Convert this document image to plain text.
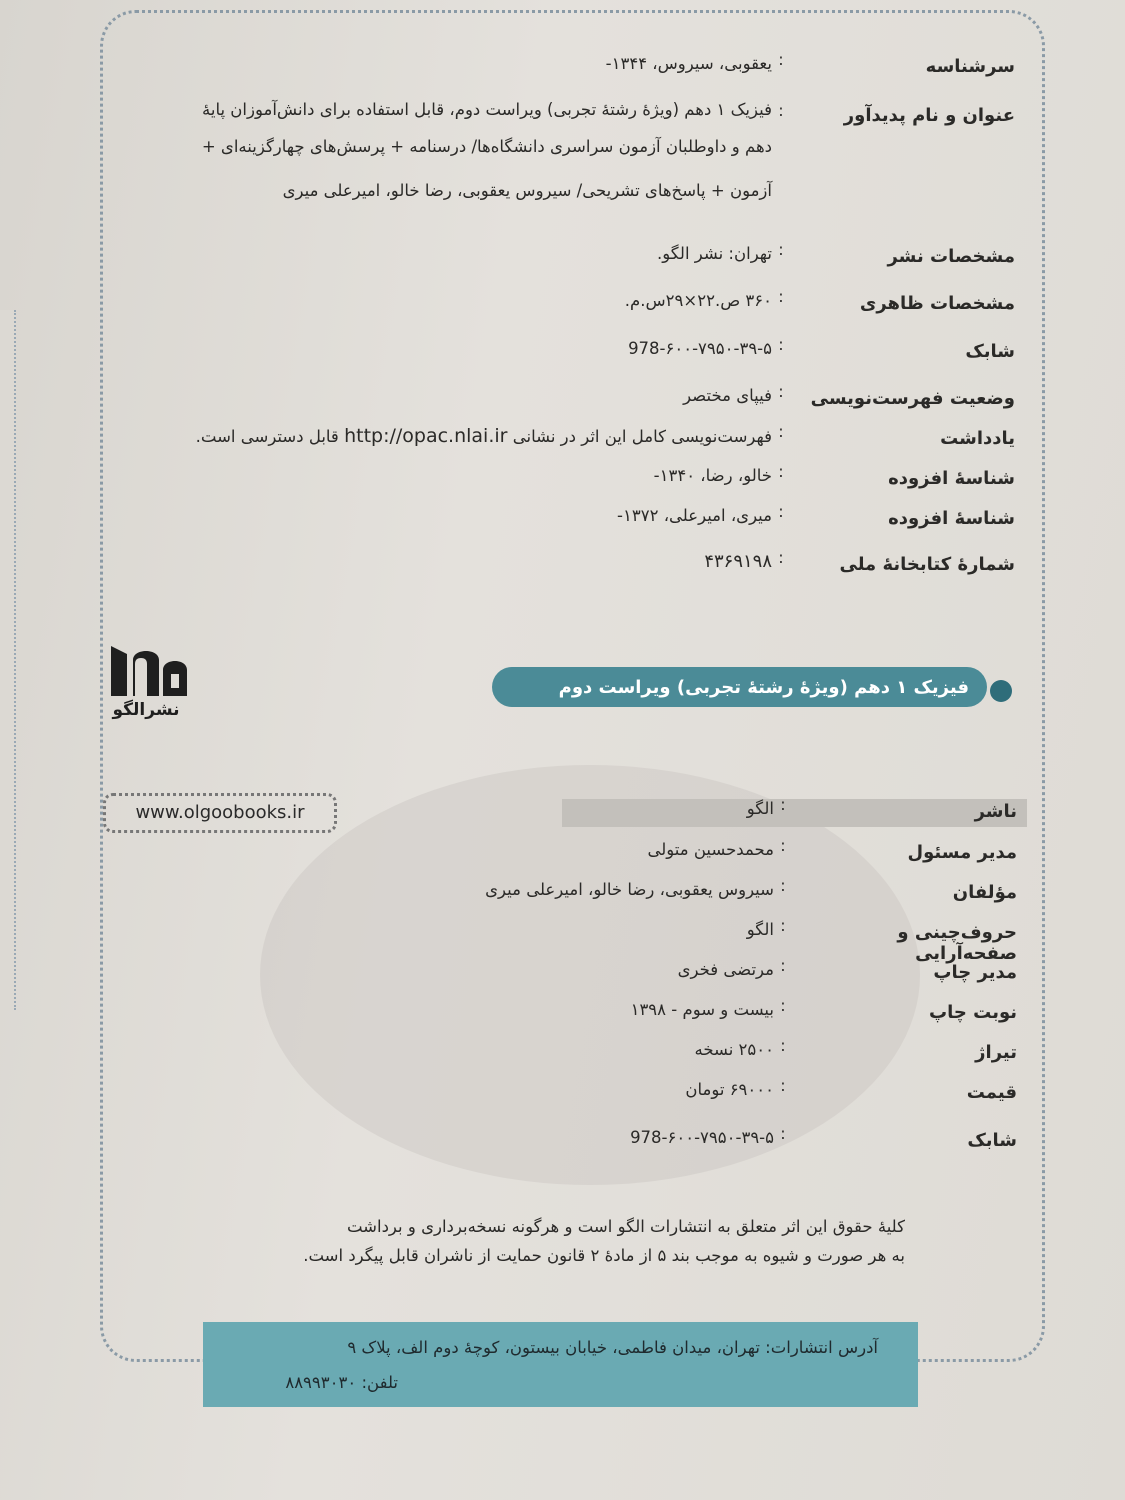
سرشناسه
:
یعقوبی، سیروس، ۱۳۴۴-
عنوان و نام پدیدآور
:
فیزیک ۱ دهم (ویژهٔ رشتهٔ تجربی) ویراست دوم، قابل استفاده برای دانش‌آموزان پایهٔ
دهم و داوطلبان آزمون سراسری دانشگاه‌ها/ درسنامه + پرسش‌های چهارگزینه‌ای +
آزمون + پاسخ‌های تشریحی/ سیروس یعقوبی، رضا خالو، امیرعلی میری
مشخصات نشر
:
تهران: نشر الگو.
مشخصات ظاهری
:
۳۶۰ ص.۲۲×۲۹س.م.
شابک
:
978-۶۰۰-۷۹۵۰-۳۹-۵
وضعیت فهرست‌نویسی
:
فیپای مختصر
یادداشت
:
فهرست‌نویسی کامل این اثر در نشانی http://opac.nlai.ir قابل دسترسی است.
شناسهٔ افزوده
:
خالو، رضا، ۱۳۴۰-
شناسهٔ افزوده
:
میری، امیرعلی، ۱۳۷۲-
شمارهٔ کتابخانهٔ ملی
:
۴۳۶۹۱۹۸
نشرالگو
فیزیک ۱ دهم (ویژهٔ رشتهٔ تجربی) ویراست دوم
www.olgoobooks.ir	ناشر
:
الگو
مدیر مسئول
:
محمدحسین متولی
مؤلفان
:
سیروس یعقوبی، رضا خالو، امیرعلی میری
حروف‌چینی و صفحه‌آرایی
:
الگو
مدیر چاپ
:
مرتضی فخری
نوبت چاپ
:
بیست و سوم - ۱۳۹۸
تیراژ
:
۲۵۰۰ نسخه
قیمت
:
۶۹۰۰۰ تومان
شابک
:
978-۶۰۰-۷۹۵۰-۳۹-۵
کلیهٔ حقوق این اثر متعلق به انتشارات الگو است و هرگونه نسخه‌برداری و برداشت
به هر صورت و شیوه به موجب بند ۵ از مادهٔ ۲ قانون حمایت از ناشران قابل پیگرد است.
آدرس انتشارات: تهران، میدان فاطمی، خیابان بیستون، کوچهٔ دوم الف، پلاک ۹
تلفن: ۸۸۹۹۳۰۳۰
